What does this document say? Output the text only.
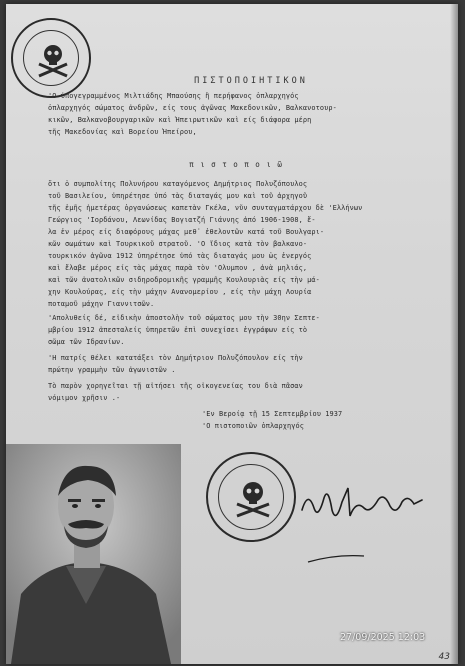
ΠΙΣΤΟΠΟΙΗΤΙΚΟΝ
'Ο ὑπογεγραμμένος Μιλτιάδης Μπαούσης ἢ περήφανος ὀπλαρχηγός
ὀπλαρχηγός σώματος ἀνδρῶν, είς τους ἀγῶνας Μακεδονικῶν, Βαλκανοτουρ-
κικῶν, Βαλκανοβουργαρικῶν καὶ Ἠπειρωτικῶν καὶ είς διάφορα μέρη
τῆς Μακεδονίας καὶ Βορείου Ἠπείρου,
π ι σ τ ο π ο ι ῶ
ὅτι ὁ συμπολίτης Πολυνήρου καταγόμενος Δημήτριος Πολυζόπουλος
τοῦ Βασιλείου, ὑπηρέτησε ὑπό τὰς διαταγάς μου καὶ τοῦ ἀρχηγοῦ
τῆς ἐμῆς ἡμετέρας ὀργανώσεως καπετὰν Γκέλα, νῦν συνταγματάρχου δὲ 'Ελλήνων
Γεώργιος 'Ιορδάνου, Λεωνίδας Βογιατζή Γιάννης ἀπό 1906-1908, ἔ-
λα ἐν μέρος είς διαφόρους μάχας μεθ᾽ ἐθελοντῶν κατά τοῦ Βουλγαρι-
κῶν σωμάτων καὶ Τουρκικοῦ στρατοῦ. 'Ο ἴδιος κατὰ τὸν βαλκανο-
τουρκικόν ἀγῶνα 1912 ὑπηρέτησε ὑπό τὰς διαταγάς μου ὡς ἐνεργός
καὶ ἔλαβε μέρος είς τὰς μάχας παρὰ τὸν 'Ολυμπον , ἀνὰ μηλιάς,
καὶ τῶν ἀνατολικῶν σιδηροδρομικῆς γραμμῆς Κουλουριὰς είς τὴν μά-
χην Κουλούρας, είς τὴν μάχην Ανανομερίου , είς τὴν μάχη Λουρία
ποταμοῦ μάχην Γιαννιτσῶν.
'Απολυθείς δέ, εἰδικὴν ἀποστολὴν τοῦ σώματος μου τὴν 30ην Σεπτε-
μβρίου 1912 ἀπεσταλείς ὑπηρετῶν ἐπὶ συνεχίσει ἐγγράφων είς τὸ
σῶμα τῶν Ιδρανίων.
'Η πατρίς θέλει κατατάξει τὸν Δημήτριον Πολυζόπουλον είς τὴν
πρώτην γραμμὴν τῶν ἀγωνιστῶν .
Τὸ παρὸν χορηγεῖται τῇ αἰτήσει τῆς οἰκογενείας του διὰ πᾶσαν
νόμιμον χρῆσιν .-
'Εν Βεροίᾳ τῇ 15 Σεπτεμβρίου 1937
'Ο πιστοποιῶν ὀπλαρχηγός
43
27/09/2025 12:03
